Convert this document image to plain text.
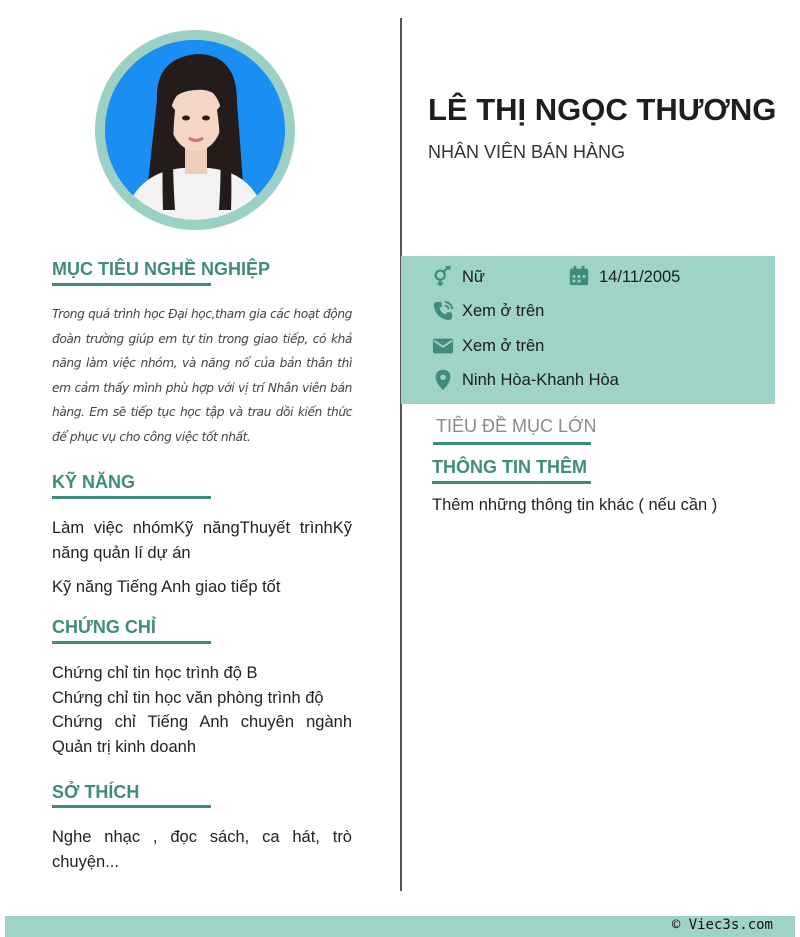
MỤC TIÊU NGHỀ NGHIỆP
Trong quá trình học Đại học,tham gia các hoạt động đoàn trường giúp em tự tin trong giao tiếp, có khả năng làm việc nhóm, và năng nổ của bản thân thì em cảm thấy mình phù hợp với vị trí Nhân viên bán hàng. Em sẽ tiếp tục học tập và trau dồi kiến thức để phục vụ cho công việc tốt nhất.
KỸ NĂNG
Làm việc nhómKỹ năngThuyết trìnhKỹ năng quản lí dự án
Kỹ năng Tiếng Anh giao tiếp tốt
CHỨNG CHỈ
Chứng chỉ tin học trình độ B
Chứng chỉ tin học văn phòng trình độ
Chứng chỉ Tiếng Anh chuyên ngành Quản trị kinh doanh
SỞ THÍCH
Nghe nhạc , đọc sách, ca hát, trò chuyện...
LÊ THỊ NGỌC THƯƠNG

NHÂN VIÊN BÁN HÀNG

Nữ	14/11/2005
Xem ở trên
Xem ở trên
Ninh Hòa-Khanh Hòa
TIÊU ĐỀ MỤC LỚN
THÔNG TIN THÊM
Thêm những thông tin khác ( nếu cần )
© Viec3s.com
